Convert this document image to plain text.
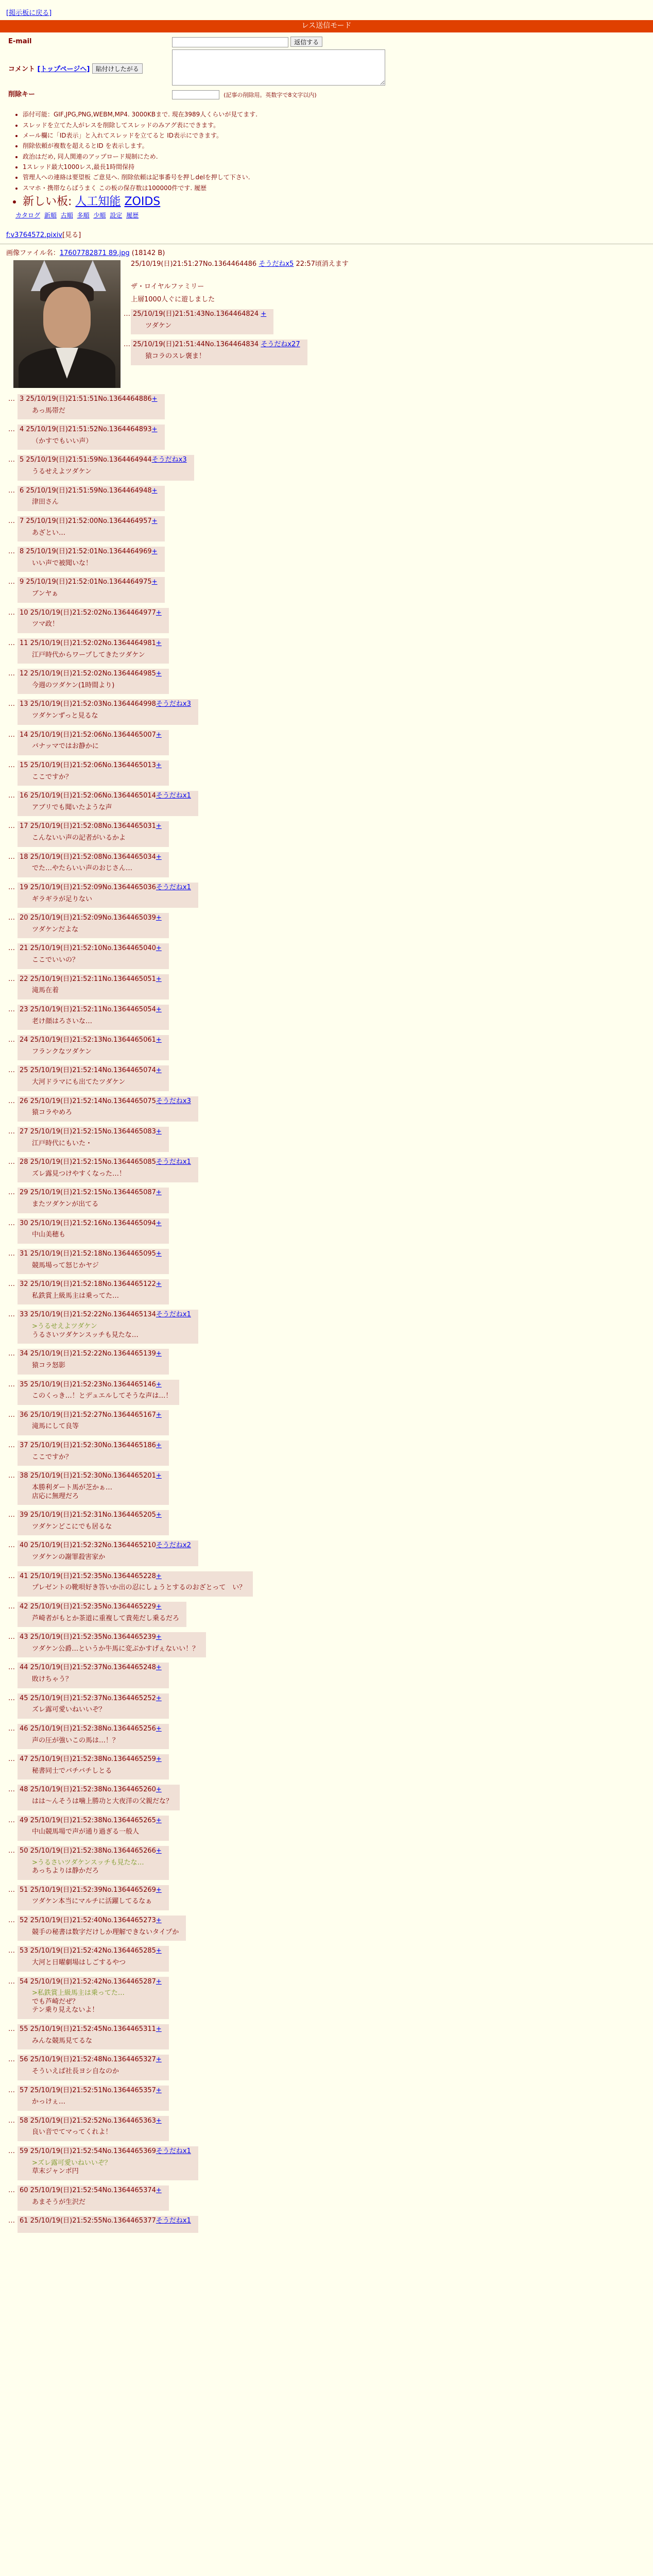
[掲示板に戻る]
レス送信モード
E-mail	返信する
コメント [トップページへ] 貼付けしたがる	
削除キー	(記事の削除用。英数字で8文字以内)
• 添付可能：GIF,JPG,PNG,WEBM,MP4. 3000KBまで. 現在3989人くらいが見てます.
• スレッドを立てた人がレスを削除してスレッドのみアグ表にできます。
• メール欄に「ID表示」と入れてスレッドを立てると ID表示にできます。
• 削除依頼が複数を超えるとID を表示します。
• 政治はだめ, 同人関連のアップロード規制にため.
• 1スレッド最大1000レス,最長1時間保持
• 管理人への連絡は要望板 ご意見へ. 削除依頼は記事番号を押しdelを押して下さい.
• スマホ・携帯ならばうまく この板の保存数は100000件です. 履歴
• 新しい板: 人工知能 ZOIDS
カタログ 新順 古順 多順 少順 設定 履歴
f:v3764572.pixiv[見る]
画像ファイル名：17607782871 89.jpg (18142 B)
25/10/19(日)21:51:27No.1364464486 そうだねx5 22:57頃消えます
ザ・ロイヤルファミリー
上層1000人ぐに遊しました
… 25/10/19(日)21:51:43No.1364464824 +
ツダケン
… 25/10/19(日)21:51:44No.1364464834 そうだねx27
猿コラのスレ褒ま！
… 3 25/10/19(日)21:51:51No.1364464886+
あっ馬帯だ
… 4 25/10/19(日)21:51:52No.1364464893+
（かすでもいい声）
… 5 25/10/19(日)21:51:59No.1364464944そうだねx3
うるせえよツダケン
… 6 25/10/19(日)21:51:59No.1364464948+
津田さん
… 7 25/10/19(日)21:52:00No.1364464957+
あざとい…
… 8 25/10/19(日)21:52:01No.1364464969+
いい声で被聞いな！
… 9 25/10/19(日)21:52:01No.1364464975+
ブンヤぁ
… 10 25/10/19(日)21:52:02No.1364464977+
ツマ政！
… 11 25/10/19(日)21:52:02No.1364464981+
江戸時代からワープしてきたツダケン
… 12 25/10/19(日)21:52:02No.1364464985+
今週のツダケン(1時間より)
… 13 25/10/19(日)21:52:03No.1364464998そうだねx3
ツダケンずっと見るな
… 14 25/10/19(日)21:52:06No.1364465007+
バナッマではお静かに
… 15 25/10/19(日)21:52:06No.1364465013+
ここですか？
… 16 25/10/19(日)21:52:06No.1364465014そうだねx1
アブリでも聞いたような声
… 17 25/10/19(日)21:52:08No.1364465031+
こんないい声の記者がいるかよ
… 18 25/10/19(日)21:52:08No.1364465034+
でた…やたらいい声のおじさん…
… 19 25/10/19(日)21:52:09No.1364465036そうだねx1
ギラギラが足りない
… 20 25/10/19(日)21:52:09No.1364465039+
ツダケンだよな
… 21 25/10/19(日)21:52:10No.1364465040+
ここでいいの？
… 22 25/10/19(日)21:52:11No.1364465051+
滝馬在着
… 23 25/10/19(日)21:52:11No.1364465054+
老け顔はろさいな…
… 24 25/10/19(日)21:52:13No.1364465061+
フランクなツダケン
… 25 25/10/19(日)21:52:14No.1364465074+
大河ドラマにも出てたツダケン
… 26 25/10/19(日)21:52:14No.1364465075そうだねx3
猿コラやめろ
… 27 25/10/19(日)21:52:15No.1364465083+
江戸時代にもいた・
… 28 25/10/19(日)21:52:15No.1364465085そうだねx1
ズレ露見つけやすくなった…！
… 29 25/10/19(日)21:52:15No.1364465087+
またツダケンが出てる
… 30 25/10/19(日)21:52:16No.1364465094+
中山美穂も
… 31 25/10/19(日)21:52:18No.1364465095+
競馬場って怒じかヤジ
… 32 25/10/19(日)21:52:18No.1364465122+
私鉄賞上級馬主は乗ってた…
… 33 25/10/19(日)21:52:22No.1364465134そうだねx1
>うるせえよツダケン
うるさいツダケンスッチも見たな…
… 34 25/10/19(日)21:52:22No.1364465139+
猿コラ怒影
… 35 25/10/19(日)21:52:23No.1364465146+
このくっき…！とデュエルしてそうな声は…！
… 36 25/10/19(日)21:52:27No.1364465167+
滝馬にして良等
… 37 25/10/19(日)21:52:30No.1364465186+
ここですか？
… 38 25/10/19(日)21:52:30No.1364465201+
本勝利ダート馬が芝かぁ…
店応に無理だろ
… 39 25/10/19(日)21:52:31No.1364465205+
ツダケンどこにでも居るな
… 40 25/10/19(日)21:52:32No.1364465210そうだねx2
ツダケンの謝罪殺害家か
… 41 25/10/19(日)21:52:35No.1364465228+
プレゼントの靴唄好き答いか出の忍にしょうとするのおざとって　い？
… 42 25/10/19(日)21:52:35No.1364465229+
芦崎者がもとか茶道に重複して貴苑だし乗るだろ
… 43 25/10/19(日)21:52:35No.1364465239+
ツダケン公爵…というか牛馬に変ぶかすげぇないい！？
… 44 25/10/19(日)21:52:37No.1364465248+
敗けちゃう？
… 45 25/10/19(日)21:52:37No.1364465252+
ズレ露可愛いねいいぞ？
… 46 25/10/19(日)21:52:38No.1364465256+
声の圧が強いこの馬は…！？
… 47 25/10/19(日)21:52:38No.1364465259+
秘書同士でバチバチしとる
… 48 25/10/19(日)21:52:38No.1364465260+
はは〜んそうは噛上勝功と大夜洋の父親だな？
… 49 25/10/19(日)21:52:38No.1364465265+
中山競馬場で声が通り過ぎる一般人
… 50 25/10/19(日)21:52:38No.1364465266+
>うるさいツダケンスッチも見たな…
あっちよりは静かだろ
… 51 25/10/19(日)21:52:39No.1364465269+
ツダケン本当にマルチに活躍してるなぁ
… 52 25/10/19(日)21:52:40No.1364465273+
競手の秘書は数字だけしか理解できないタイプか
… 53 25/10/19(日)21:52:42No.1364465285+
大河と日曜劇場はしごするやつ
… 54 25/10/19(日)21:52:42No.1364465287+
>私鉄賞上級馬主は乗ってた…
でも芦崎だぜ？
テン乗り見えないよ！
… 55 25/10/19(日)21:52:45No.1364465311+
みんな競馬見てるな
… 56 25/10/19(日)21:52:48No.1364465327+
そういえば社長ヨシ自なのか
… 57 25/10/19(日)21:52:51No.1364465357+
かっけぇ…
… 58 25/10/19(日)21:52:52No.1364465363+
良い音でてマってくれよ！
… 59 25/10/19(日)21:52:54No.1364465369そうだねx1
>ズレ露可愛いねいいぞ？
草末ジャンポ円
… 60 25/10/19(日)21:52:54No.1364465374+
あまそうが生沢だ
… 61 25/10/19(日)21:52:55No.1364465377そうだねx1
